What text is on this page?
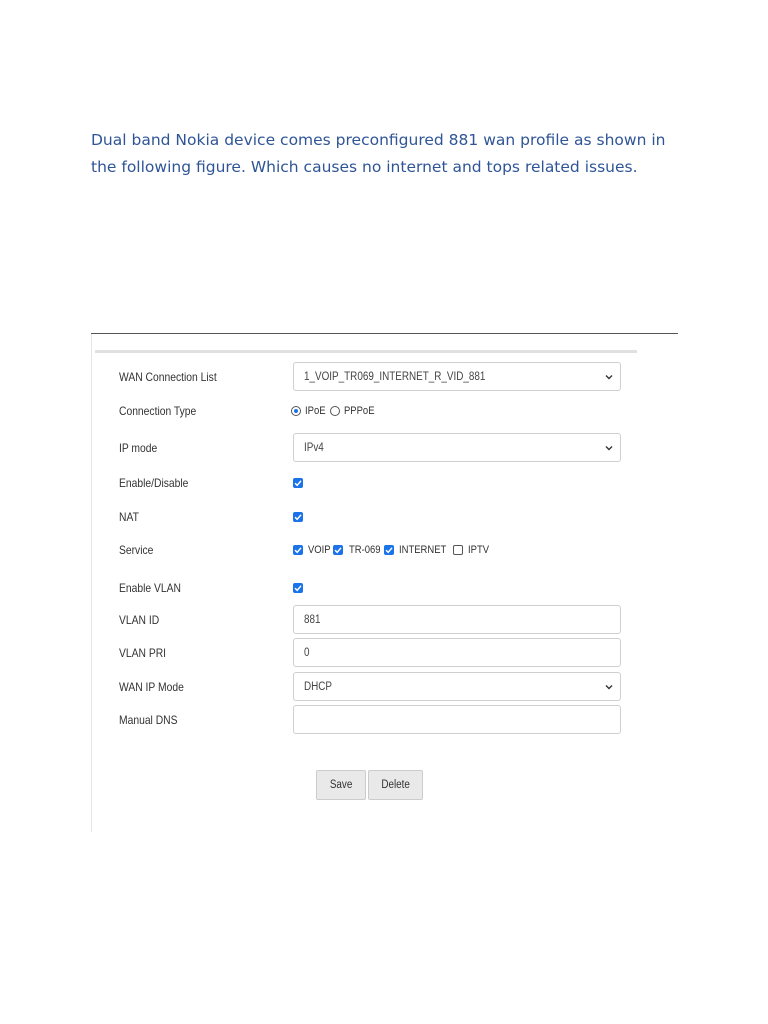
Dual band Nokia device comes preconfigured 881 wan profile as shown in the following figure. Which causes no internet and tops related issues.

WAN Connection List	1_VOIP_TR069_INTERNET_R_VID_881
Connection Type	IPoE PPPoE
IP mode	IPv4
Enable/Disable
NAT
Service	VOIP TR-069 INTERNET IPTV
Enable VLAN
VLAN ID	881
VLAN PRI	0
WAN IP Mode	DHCP
Manual DNS
Save	Delete
